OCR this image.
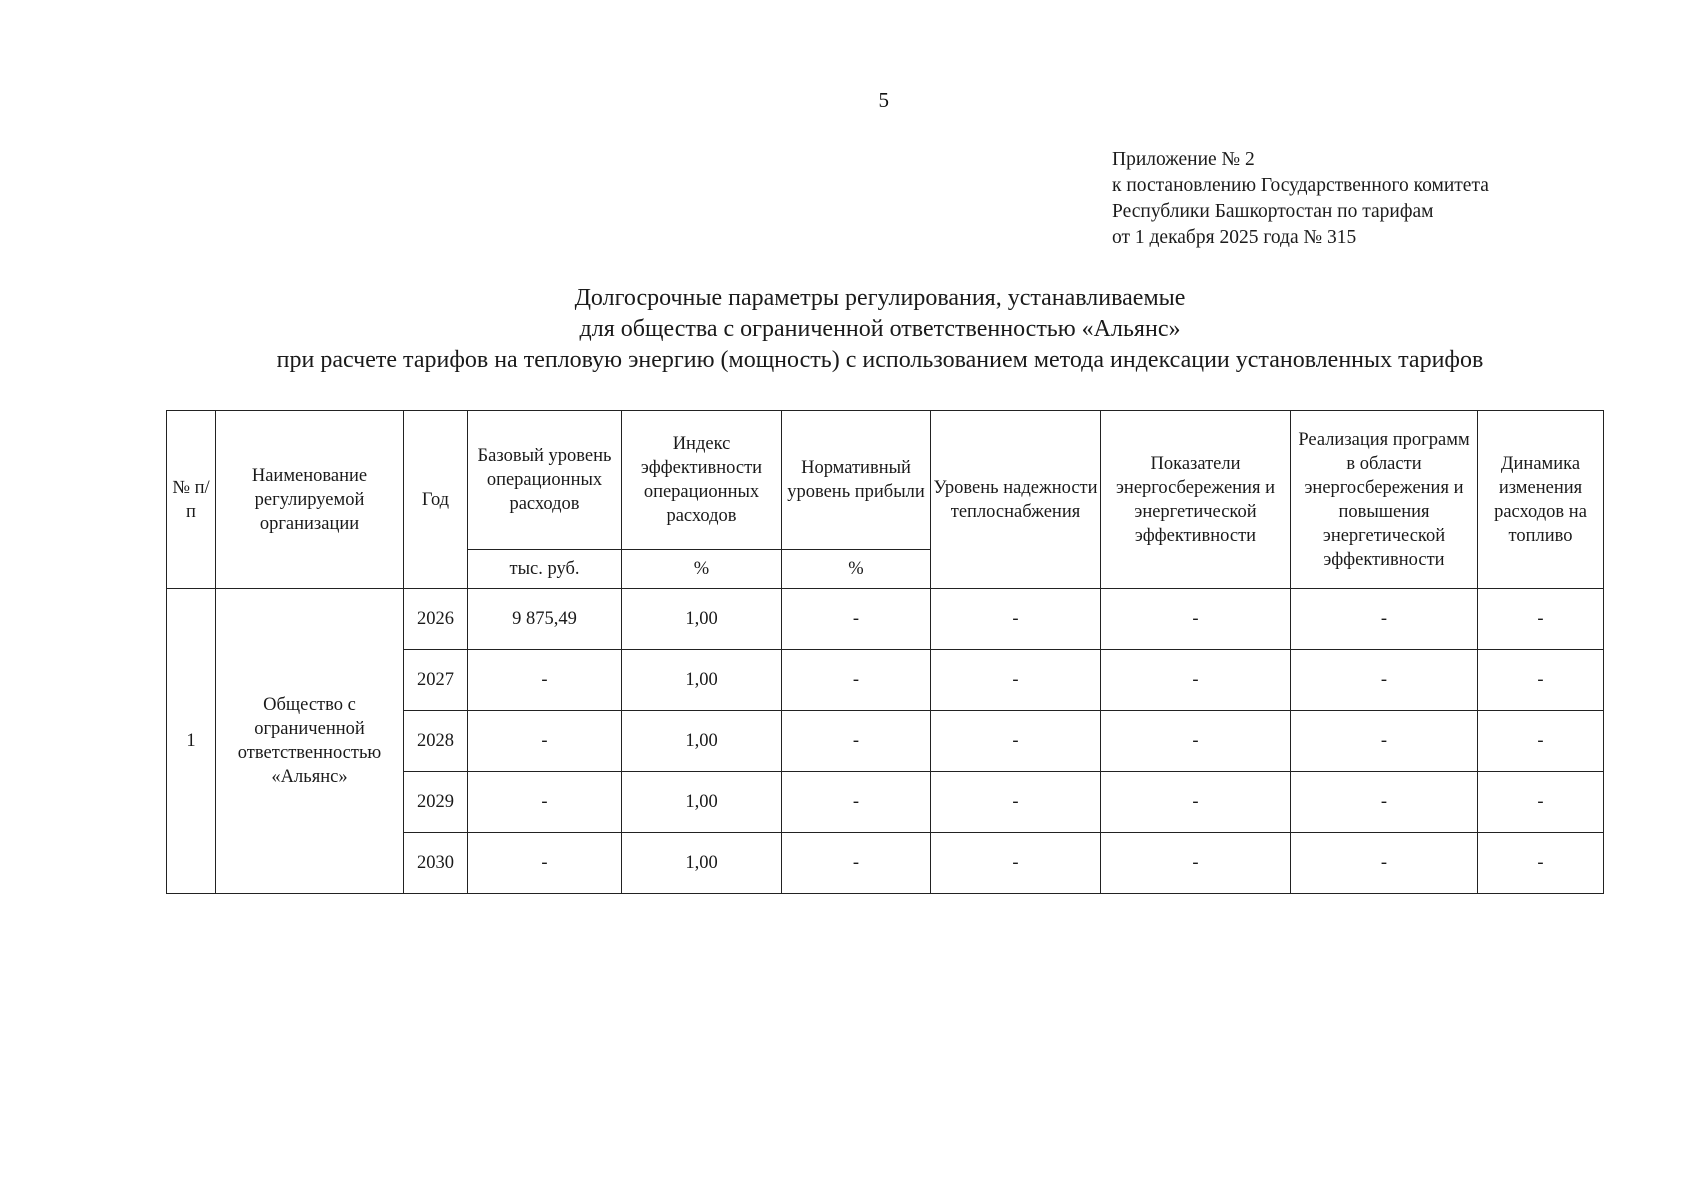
5
Приложение № 2
к постановлению Государственного комитета
Республики Башкортостан по тарифам
от 1 декабря 2025 года № 315
Долгосрочные параметры регулирования, устанавливаемые
для общества с ограниченной ответственностью «Альянс»
при расчете тарифов на тепловую энергию (мощность) с использованием метода индексации установленных тарифов
№ п/п	Наименование регулируемой организации	Год	Базовый уровень операционных расходов	Индекс эффективности операционных расходов	Нормативный уровень прибыли	Уровень надежности теплоснабжения	Показатели энергосбережения и энергетической эффективности	Реализация программ в области энергосбережения и повышения энергетической эффективности	Динамика изменения расходов на топливо
			тыс. руб.	%	%				
1	Общество с ограниченной ответственностью «Альянс»	2026	9 875,49	1,00	-	-	-	-	-
		2027	-	1,00	-	-	-	-	-
		2028	-	1,00	-	-	-	-	-
		2029	-	1,00	-	-	-	-	-
		2030	-	1,00	-	-	-	-	-
